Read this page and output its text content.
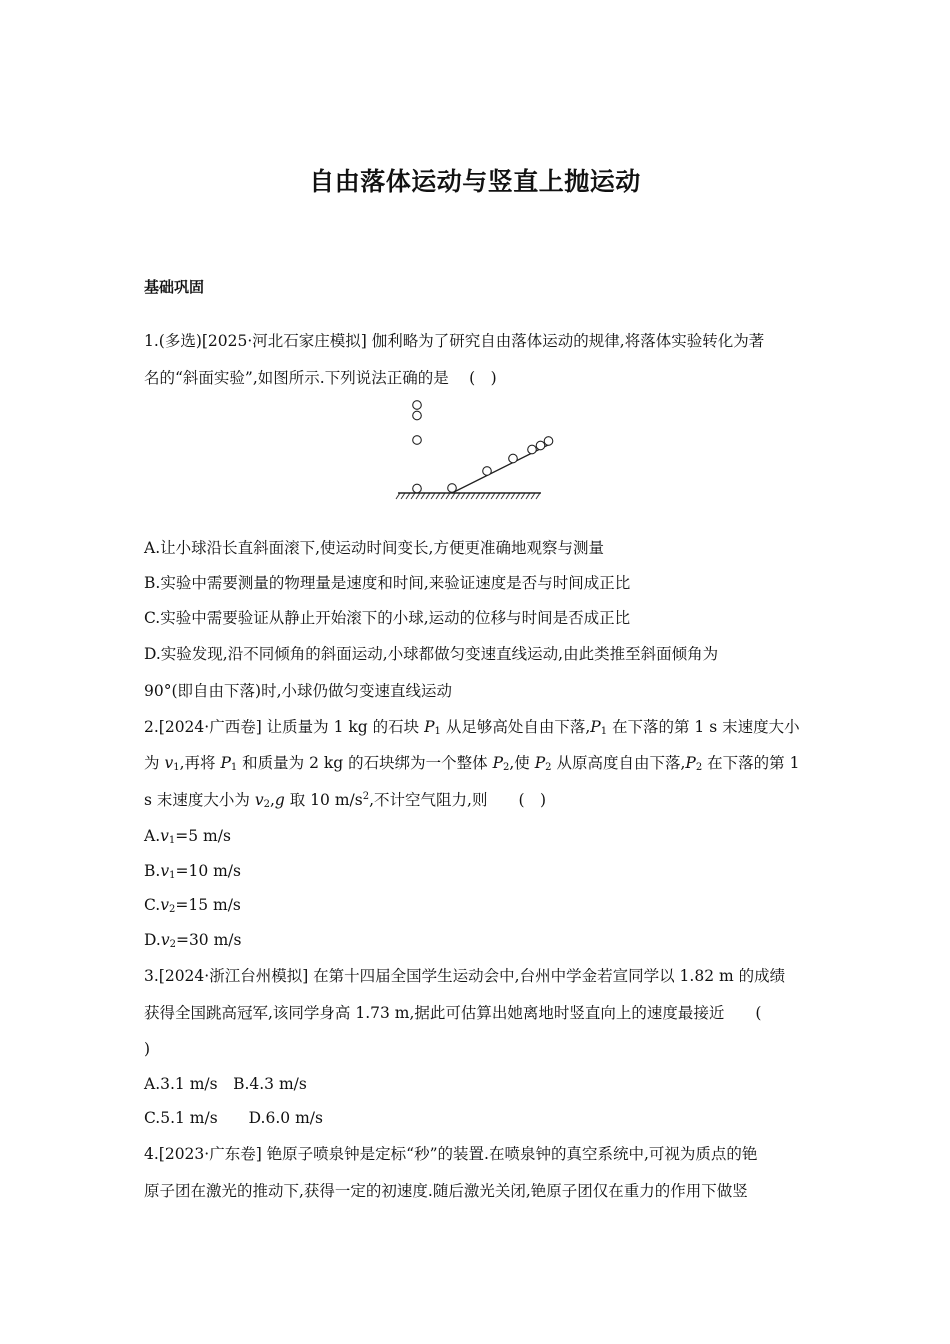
自由落体运动与竖直上抛运动
基础巩固
1.(多选)[2025·河北石家庄模拟] 伽利略为了研究自由落体运动的规律,将落体实验转化为著
名的“斜面实验”,如图所示.下列说法正确的是　 (　)
A.让小球沿长直斜面滚下,使运动时间变长,方便更准确地观察与测量
B.实验中需要测量的物理量是速度和时间,来验证速度是否与时间成正比
C.实验中需要验证从静止开始滚下的小球,运动的位移与时间是否成正比
D.实验发现,沿不同倾角的斜面运动,小球都做匀变速直线运动,由此类推至斜面倾角为
90°(即自由下落)时,小球仍做匀变速直线运动
2.[2024·广西卷] 让质量为 1 kg 的石块 $P_1$ 从足够高处自由下落$,P_1$ 在下落的第 1 s 末速度大小
为 $v_1$,再将 $P_1$ 和质量为 2 kg 的石块绑为一个整体 $P_2$,使 $P_2$ 从原高度自由下落$,P_2$ 在下落的第 1
s 末速度大小为 $v_2,g$ 取 10 $m/s^2$,不计空气阻力,则　　(　)
$A.v_1=5$ m/s
$B.v_1=10$ m/s
$C.v_2=15$ m/s
$D.v_2=30$ m/s
3.[2024·浙江台州模拟] 在第十四届全国学生运动会中,台州中学金若宣同学以 1.82 m 的成绩
获得全国跳高冠军,该同学身高 1.73 m,据此可估算出她离地时竖直向上的速度最接近　　(
)
A.3.1 m/s　B.4.3 m/s
C.5.1 m/s　　D.6.0 m/s
4.[2023·广东卷] 铯原子喷泉钟是定标“秒”的装置.在喷泉钟的真空系统中,可视为质点的铯
原子团在激光的推动下,获得一定的初速度.随后激光关闭,铯原子团仅在重力的作用下做竖
